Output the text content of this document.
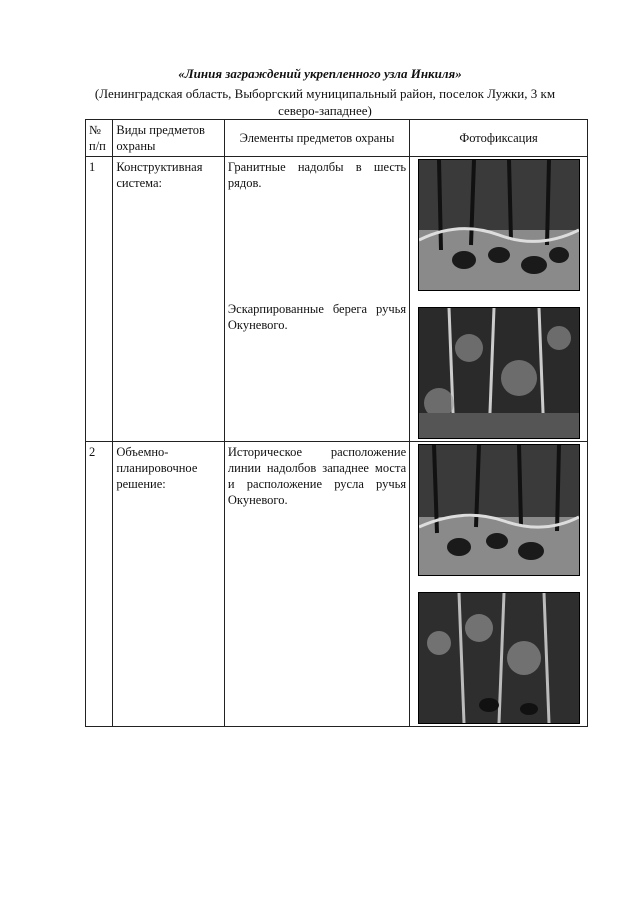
«Линия заграждений укрепленного узла Инкиля»
(Ленинградская область, Выборгский муниципальный район, поселок Лужки, 3 км северо-западнее)
№ п/п	Виды предметов охраны	Элементы предметов охраны	Фотофиксация
1	Конструктивная система:	Гранитные надолбы в шесть рядов.
Эскарпированные берега ручья Окуневого.

2	Объемно-планировочное решение:	Историческое расположение линии надолбов западнее моста и расположение русла ручья Окуневого.
